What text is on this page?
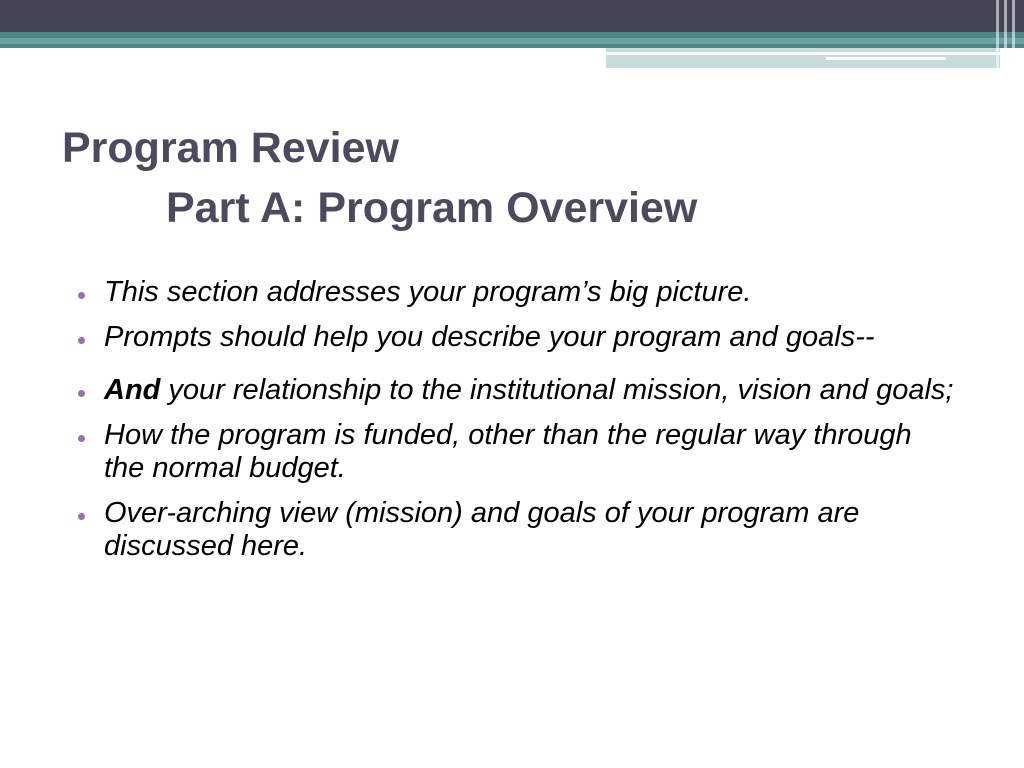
Program Review
Part A: Program Overview
This section addresses your program’s big picture.
Prompts should help you describe your program and goals--
And your relationship to the institutional mission, vision and goals;
How the program is funded, other than the regular way through the normal budget.
Over-arching view (mission) and goals of your program are discussed here.
